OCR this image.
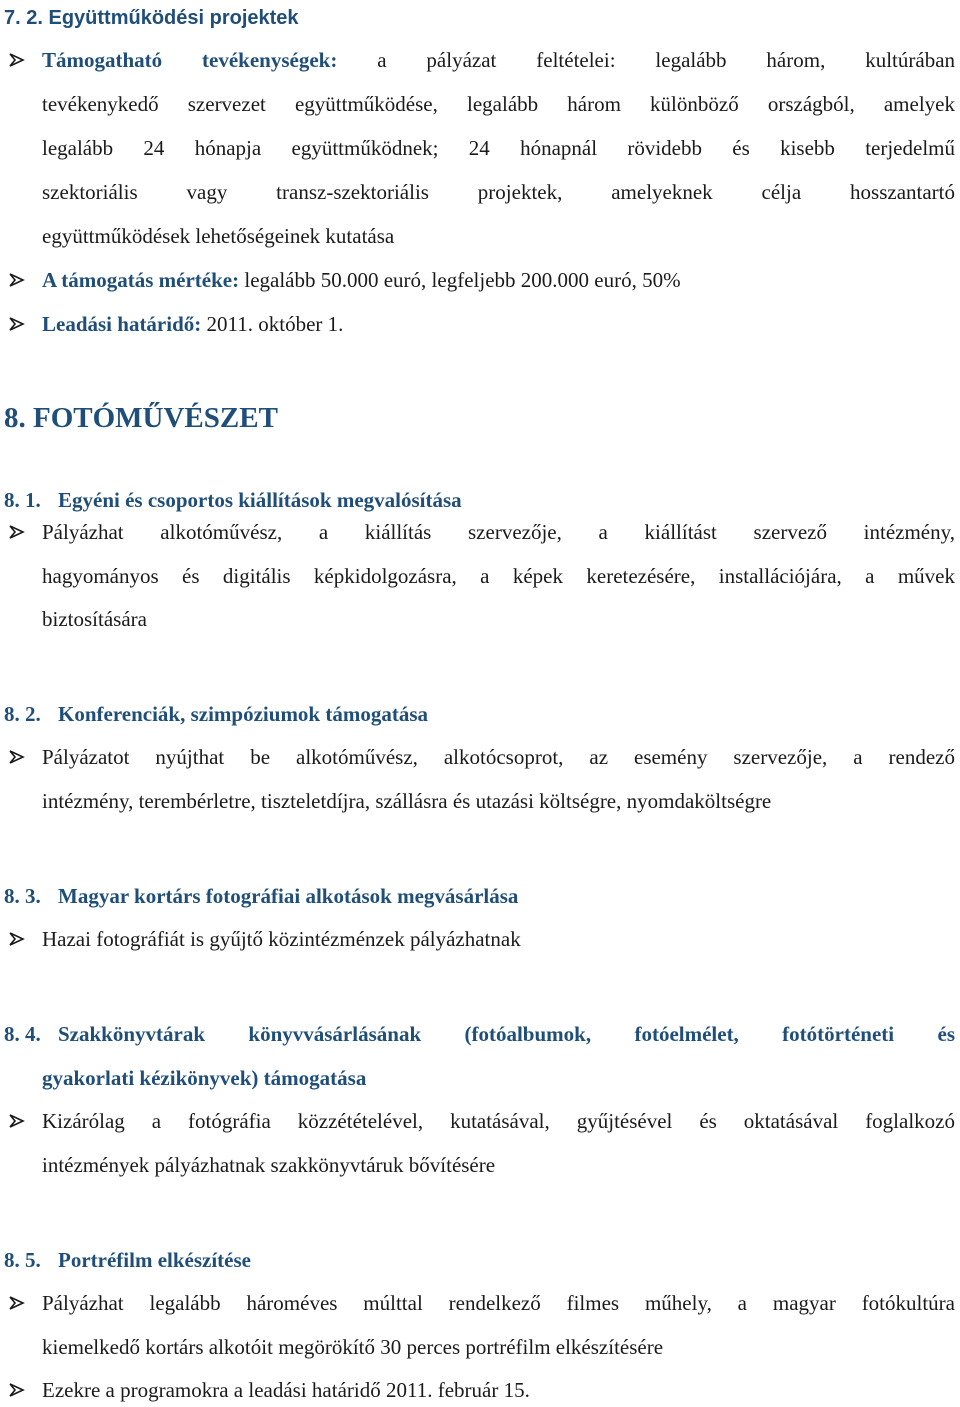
7. 2. Együttműködési projektek
Támogatható tevékenységek: a pályázat feltételei: legalább három, kultúrában
tevékenykedő szervezet együttműködése, legalább három különböző országból, amelyek
legalább 24 hónapja együttműködnek; 24 hónapnál rövidebb és kisebb terjedelmű
szektoriális vagy transz-szektoriális projektek, amelyeknek célja hosszantartó
együttműködések lehetőségeinek kutatása
A támogatás mértéke: legalább 50.000 euró, legfeljebb 200.000 euró, 50%
Leadási határidő: 2011. október 1.
8. FOTÓMŰVÉSZET
8. 1. Egyéni és csoportos kiállítások megvalósítása
Pályázhat alkotóművész, a kiállítás szervezője, a kiállítást szervező intézmény,
hagyományos és digitális képkidolgozásra, a képek keretezésére, installációjára, a művek
biztosítására
8. 2. Konferenciák, szimpóziumok támogatása
Pályázatot nyújthat be alkotóművész, alkotócsoprot, az esemény szervezője, a rendező
intézmény, terembérletre, tiszteletdíjra, szállásra és utazási költségre, nyomdaköltségre
8. 3. Magyar kortárs fotográfiai alkotások megvásárlása
Hazai fotográfiát is gyűjtő közintézménzek pályázhatnak
8. 4. Szakkönyvtárak könyvvásárlásának (fotóalbumok, fotóelmélet, fotótörténeti és
gyakorlati kézikönyvek) támogatása
Kizárólag a fotógráfia közzétételével, kutatásával, gyűjtésével és oktatásával foglalkozó
intézmények pályázhatnak szakkönyvtáruk bővítésére
8. 5. Portréfilm elkészítése
Pályázhat legalább hároméves múlttal rendelkező filmes műhely, a magyar fotókultúra
kiemelkedő kortárs alkotóit megörökítő 30 perces portréfilm elkészítésére
Ezekre a programokra a leadási határidő 2011. február 15.
